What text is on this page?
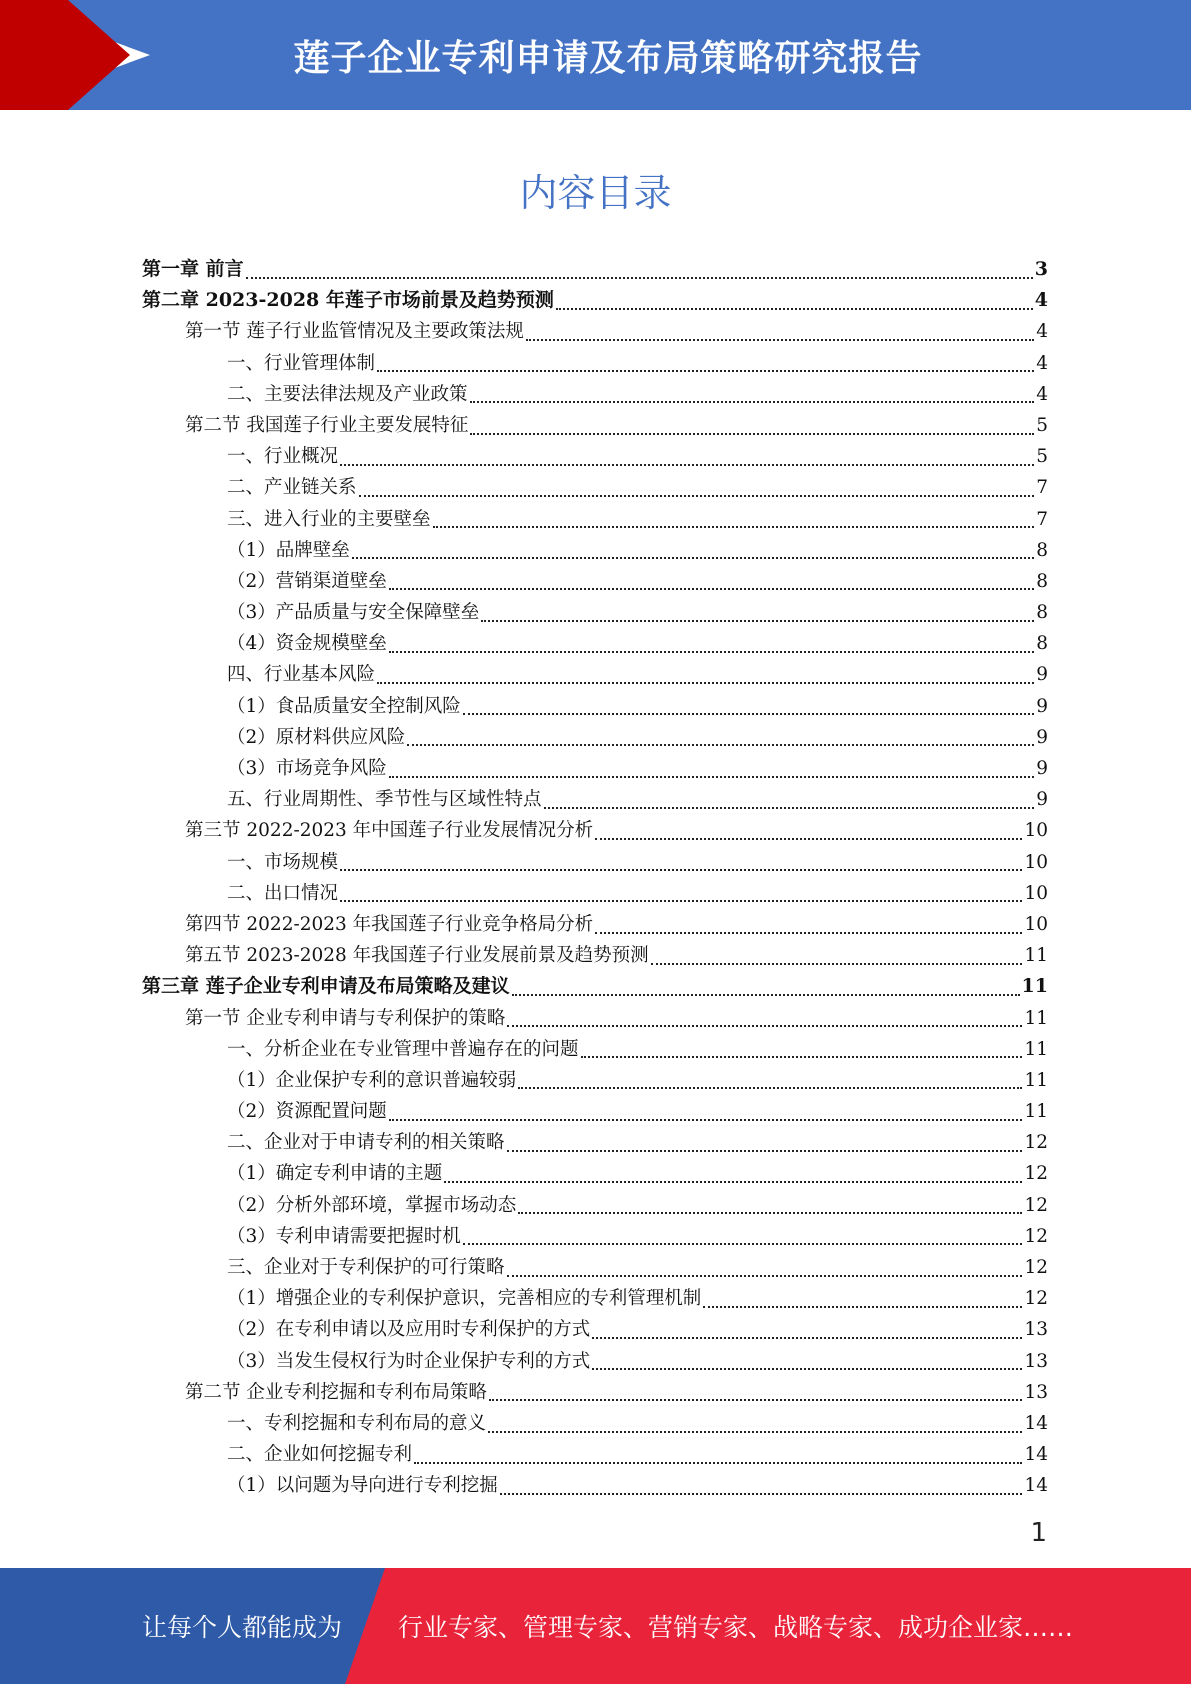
莲子企业专利申请及布局策略研究报告
内容目录
第一章 前言	3
第二章 2023-2028 年莲子市场前景及趋势预测	4
第一节 莲子行业监管情况及主要政策法规	4
一、行业管理体制	4
二、主要法律法规及产业政策	4
第二节 我国莲子行业主要发展特征	5
一、行业概况	5
二、产业链关系	7
三、进入行业的主要壁垒	7
（1）品牌壁垒	8
（2）营销渠道壁垒	8
（3）产品质量与安全保障壁垒	8
（4）资金规模壁垒	8
四、行业基本风险	9
（1）食品质量安全控制风险	9
（2）原材料供应风险	9
（3）市场竞争风险	9
五、行业周期性、季节性与区域性特点	9
第三节 2022-2023 年中国莲子行业发展情况分析	10
一、市场规模	10
二、出口情况	10
第四节 2022-2023 年我国莲子行业竞争格局分析	10
第五节 2023-2028 年我国莲子行业发展前景及趋势预测	11
第三章 莲子企业专利申请及布局策略及建议	11
第一节 企业专利申请与专利保护的策略	11
一、分析企业在专业管理中普遍存在的问题	11
（1）企业保护专利的意识普遍较弱	11
（2）资源配置问题	11
二、企业对于申请专利的相关策略	12
（1）确定专利申请的主题	12
（2）分析外部环境，掌握市场动态	12
（3）专利申请需要把握时机	12
三、企业对于专利保护的可行策略	12
（1）增强企业的专利保护意识，完善相应的专利管理机制	12
（2）在专利申请以及应用时专利保护的方式	13
（3）当发生侵权行为时企业保护专利的方式	13
第二节 企业专利挖掘和专利布局策略	13
一、专利挖掘和专利布局的意义	14
二、企业如何挖掘专利	14
（1）以问题为导向进行专利挖掘	14
1
让每个人都能成为 行业专家、管理专家、营销专家、战略专家、成功企业家……
